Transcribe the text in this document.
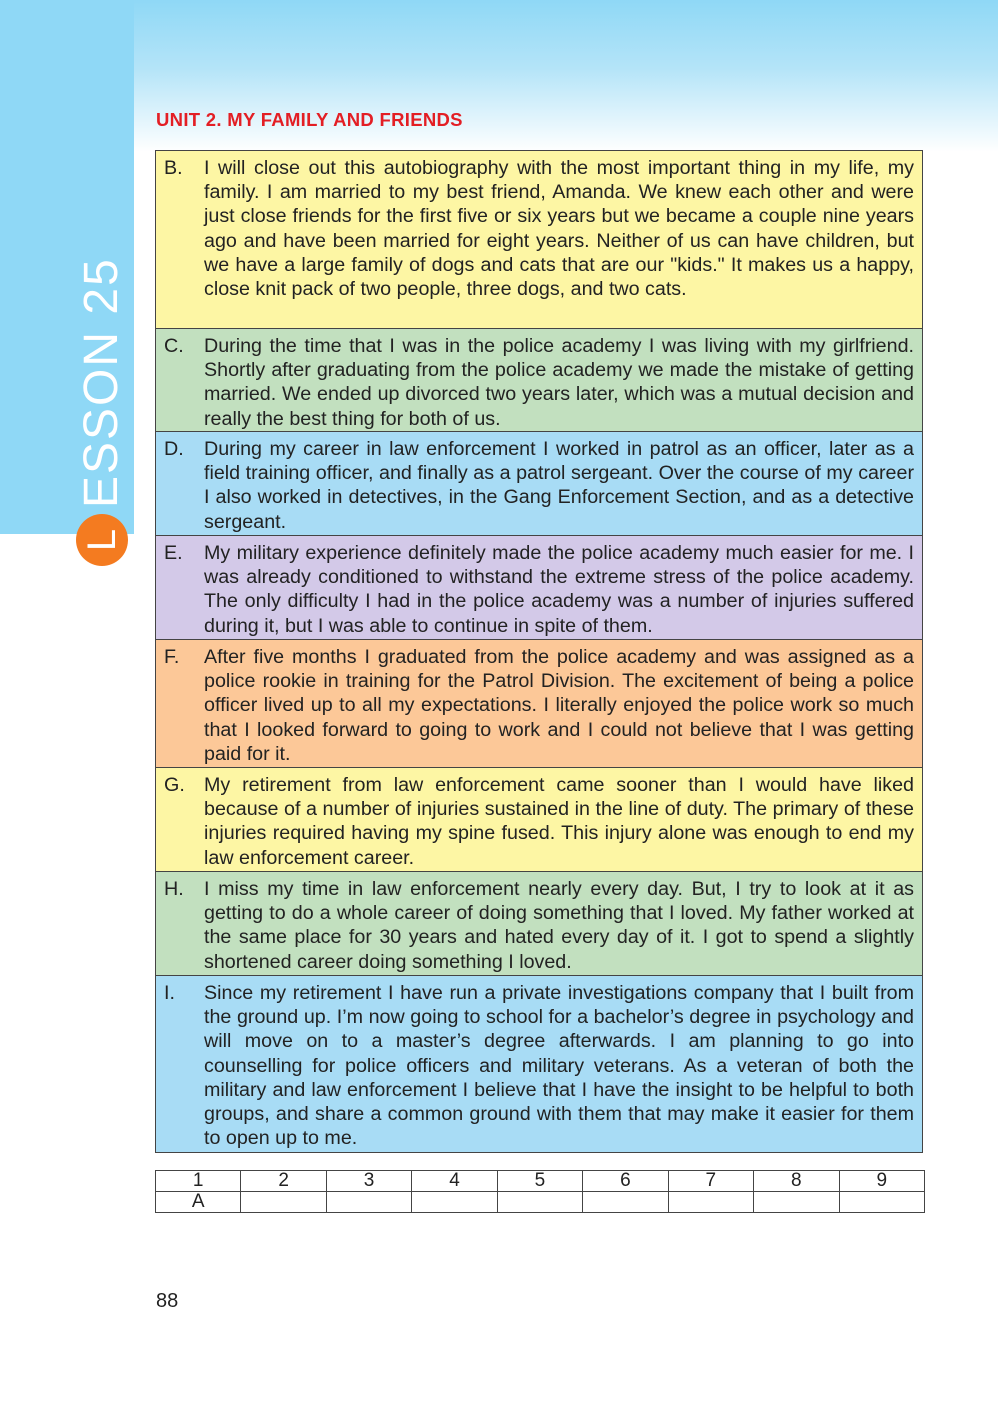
L
ESSON 25
UNIT 2. MY FAMILY AND FRIENDS
B.	I will close out this autobiography with the most important thing in my life, my family. I am married to my best friend, Amanda. We knew each other and were just close friends for the first five or six years but we became a couple nine years ago and have been married for eight years. Neither of us can have children, but we have a large family of dogs and cats that are our "kids." It makes us a happy, close knit pack of two people, three dogs, and two cats.
C.	During the time that I was in the police academy I was living with my girlfriend. Shortly after graduating from the police academy we made the mistake of getting married. We ended up divorced two years later, which was a mutual decision and really the best thing for both of us.
D.	During my career in law enforcement I worked in patrol as an officer, later as a field training officer, and finally as a patrol sergeant. Over the course of my career I also worked in detectives, in the Gang Enforcement Section, and as a detective sergeant.
E.	My military experience definitely made the police academy much easier for me. I was already conditioned to withstand the extreme stress of the police academy. The only difficulty I had in the police academy was a number of injuries suffered during it, but I was able to continue in spite of them.
F.	After five months I graduated from the police academy and was assigned as a police rookie in training for the Patrol Division. The excitement of being a police officer lived up to all my expectations. I literally enjoyed the police work so much that I looked forward to going to work and I could not believe that I was getting paid for it.
G. My retirement from law enforcement came sooner than I would have liked because of a number of injuries sustained in the line of duty. The primary of these injuries required having my spine fused. This injury alone was enough to end my law enforcement career.
H.	I miss my time in law enforcement nearly every day. But, I try to look at it as getting to do a whole career of doing something that I loved. My father worked at the same place for 30 years and hated every day of it. I got to spend a slightly shortened career doing something I loved.
I.	Since my retirement I have run a private investigations company that I built from the ground up. I’m now going to school for a bachelor’s degree in psychology and will move on to a master’s degree afterwards. I am planning to go into counselling for police officers and military veterans. As a veteran of both the military and law enforcement I believe that I have the insight to be helpful to both groups, and share a common ground with them that may make it easier for them to open up to me.
1	2	3	4	5	6	7	8	9
A								
88
